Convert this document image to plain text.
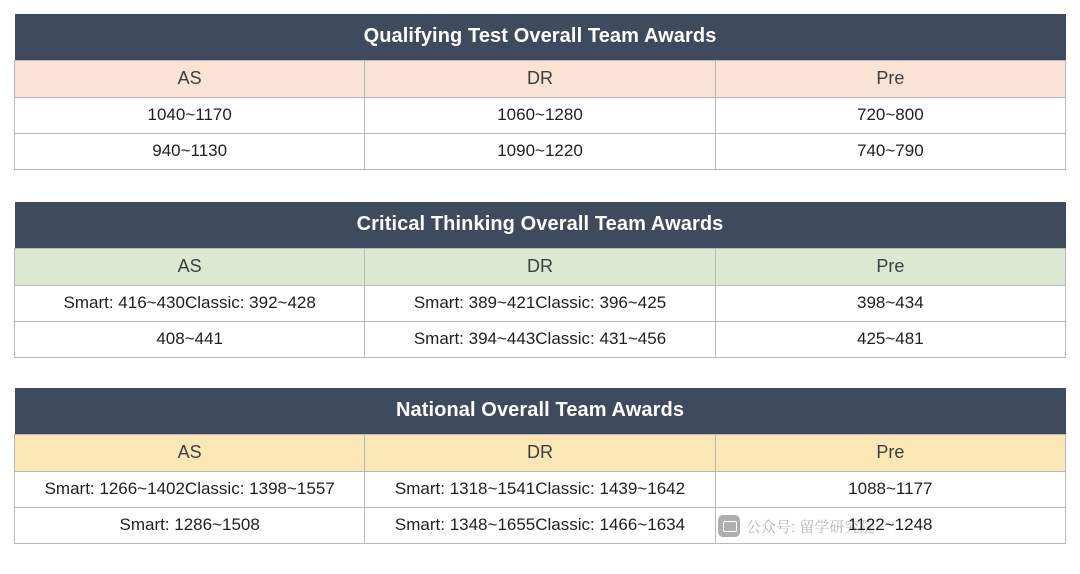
Qualifying Test Overall Team Awards		
AS	DR	Pre
1040~1170	1060~1280	720~800
940~1130	1090~1220	740~790
Critical Thinking Overall Team Awards		
AS	DR	Pre
Smart: 416~430Classic: 392~428	Smart: 389~421Classic: 396~425	398~434
408~441	Smart: 394~443Classic: 431~456	425~481
National Overall Team Awards		
AS	DR	Pre
Smart: 1266~1402Classic: 1398~1557	Smart: 1318~1541Classic: 1439~1642	1088~1177
Smart: 1286~1508	Smart: 1348~1655Classic: 1466~1634	1122~1248
公众号: 留学研究院
